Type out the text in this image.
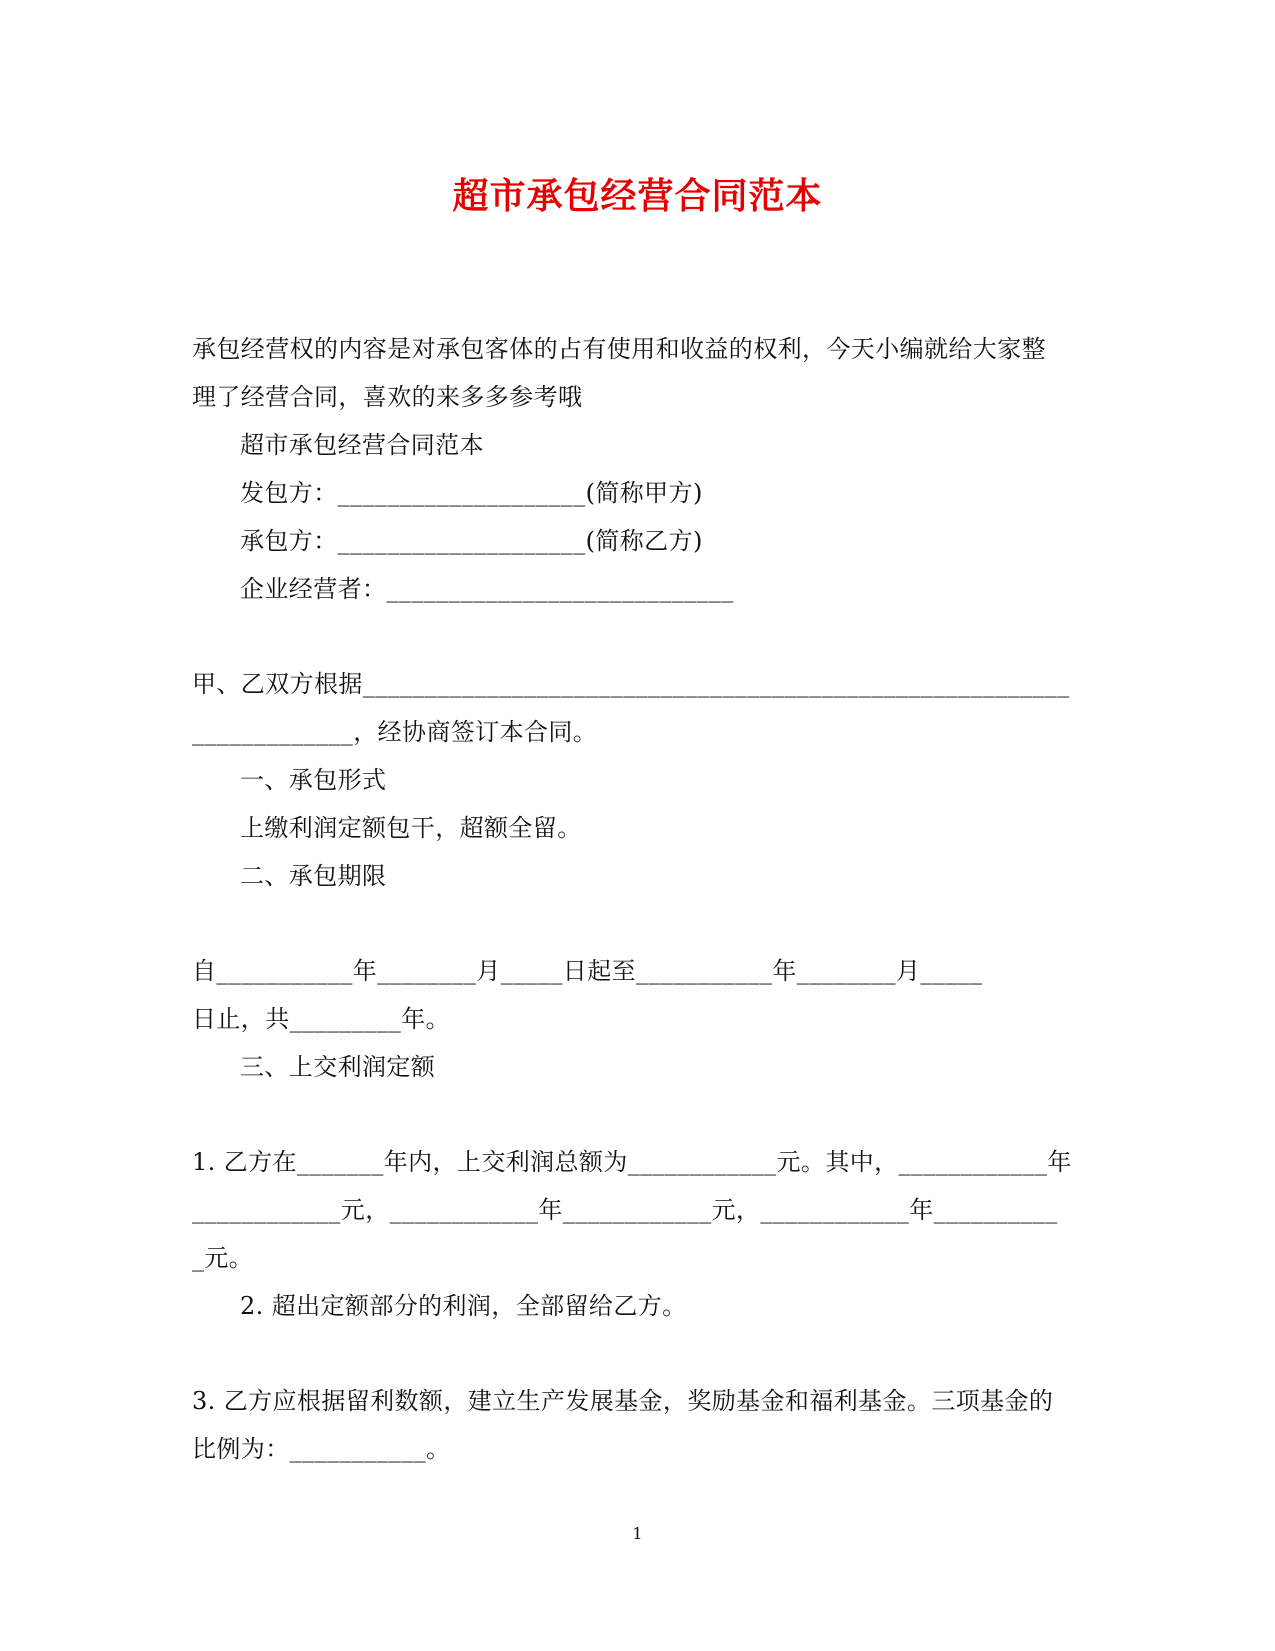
超市承包经营合同范本
承包经营权的内容是对承包客体的占有使用和收益的权利，今天小编就给大家整
理了经营合同，喜欢的来多多参考哦
超市承包经营合同范本
发包方：____________________(简称甲方)
承包方：____________________(简称乙方)
企业经营者：____________________________
甲、乙双方根据_________________________________________________________
_____________，经协商签订本合同。
一、承包形式
上缴利润定额包干，超额全留。
二、承包期限
自___________年________月_____日起至___________年________月_____
日止，共_________年。
三、上交利润定额
1. 乙方在_______年内，上交利润总额为____________元。其中，____________年
____________元，____________年____________元，____________年__________
_元。
2. 超出定额部分的利润，全部留给乙方。
3. 乙方应根据留利数额，建立生产发展基金，奖励基金和福利基金。三项基金的
比例为：___________。
1
